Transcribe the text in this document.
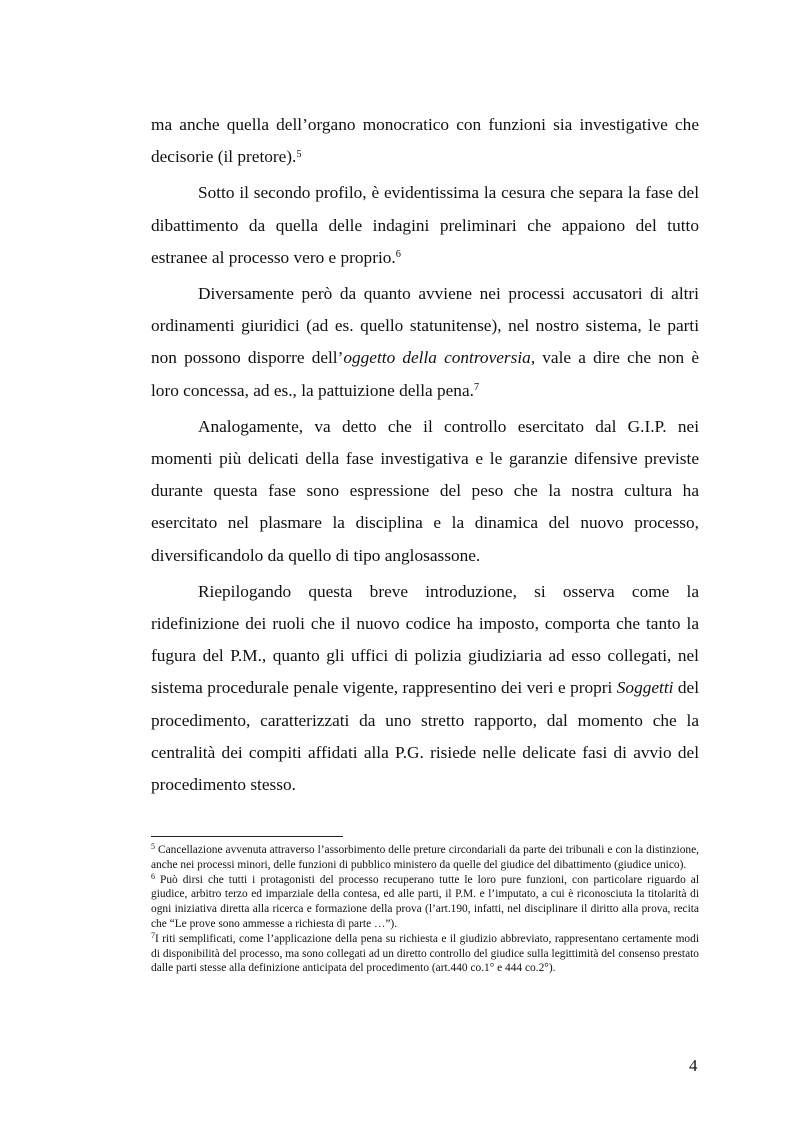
ma anche quella dell’organo monocratico con funzioni sia investigative che decisorie (il pretore).$^5$

Sotto il secondo profilo, è evidentissima la cesura che separa la fase del dibattimento da quella delle indagini preliminari che appaiono del tutto estranee al processo vero e proprio.$^6$

Diversamente però da quanto avviene nei processi accusatori di altri ordinamenti giuridici (ad es. quello statunitense), nel nostro sistema, le parti non possono disporre dell’oggetto della controversia, vale a dire che non è loro concessa, ad es., la pattuizione della pena.$^7$

Analogamente, va detto che il controllo esercitato dal G.I.P. nei momenti più delicati della fase investigativa e le garanzie difensive previste durante questa fase sono espressione del peso che la nostra cultura ha esercitato nel plasmare la disciplina e la dinamica del nuovo processo, diversificandolo da quello di tipo anglosassone.

Riepilogando questa breve introduzione, si osserva come la ridefinizione dei ruoli che il nuovo codice ha imposto, comporta che tanto la fugura del P.M., quanto gli uffici di polizia giudiziaria ad esso collegati, nel sistema procedurale penale vigente, rappresentino dei veri e propri Soggetti del procedimento, caratterizzati da uno stretto rapporto, dal momento che la centralità dei compiti affidati alla P.G. risiede nelle delicate fasi di avvio del procedimento stesso.

$^5$ Cancellazione avvenuta attraverso l’assorbimento delle preture circondariali da parte dei tribunali e con la distinzione, anche nei processi minori, delle funzioni di pubblico ministero da quelle del giudice del dibattimento (giudice unico).

$^6$ Può dirsi che tutti i protagonisti del processo recuperano tutte le loro pure funzioni, con particolare riguardo al giudice, arbitro terzo ed imparziale della contesa, ed alle parti, il P.M. e l’imputato, a cui è riconosciuta la titolarità di ogni iniziativa diretta alla ricerca e formazione della prova (l’art.190, infatti, nel disciplinare il diritto alla prova, recita che “Le prove sono ammesse a richiesta di parte …”).

$^7$I riti semplificati, come l’applicazione della pena su richiesta e il giudizio abbreviato, rappresentano certamente modi di disponibilità del processo, ma sono collegati ad un diretto controllo del giudice sulla legittimità del consenso prestato dalle parti stesse alla definizione anticipata del procedimento (art.440 co.1° e 444 co.2°).

4
